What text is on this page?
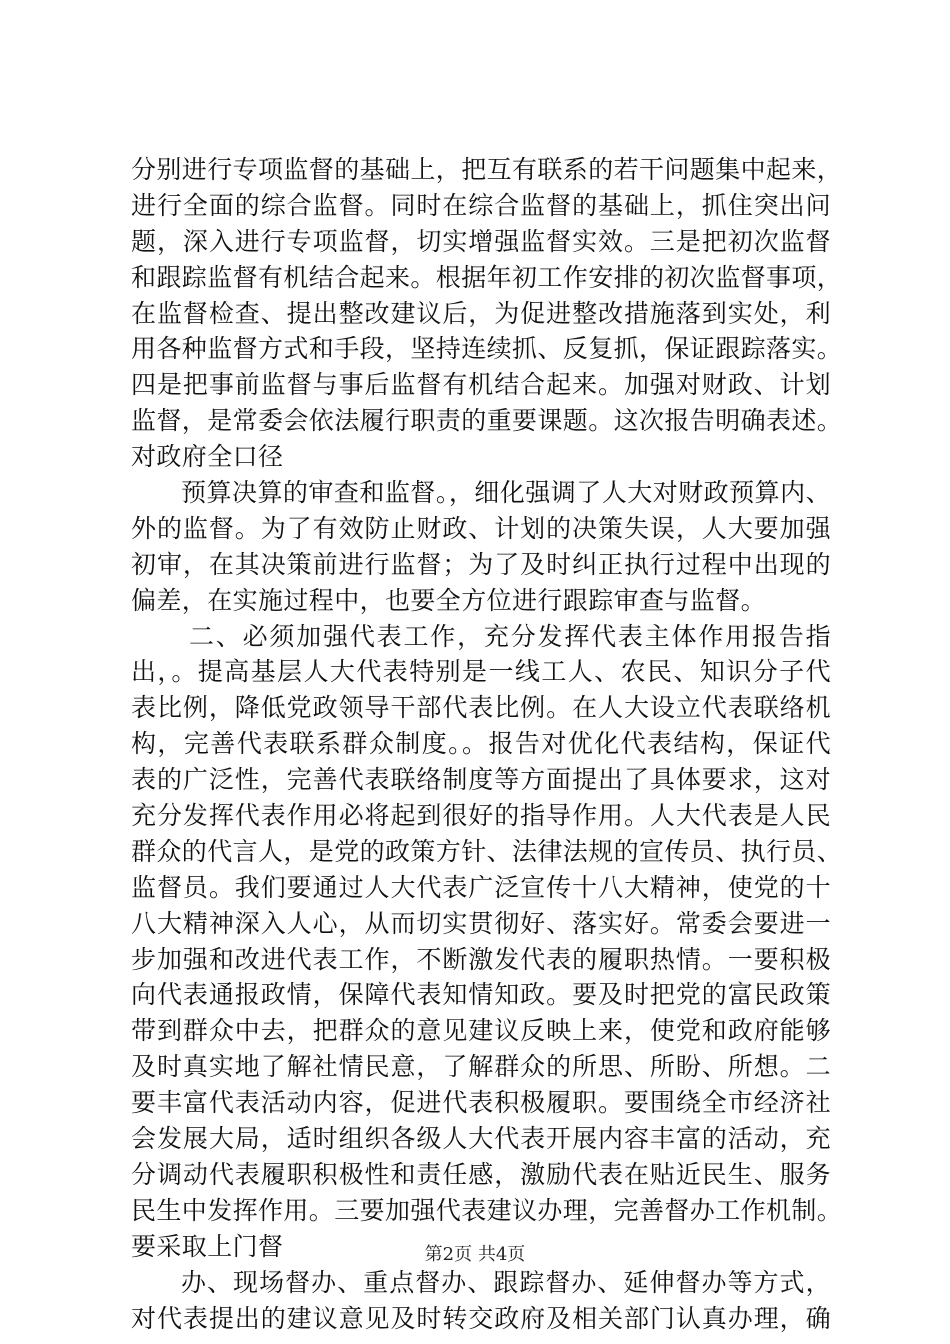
分别进行专项监督的基础上，把互有联系的若干问题集中起来，
进行全面的综合监督。同时在综合监督的基础上，抓住突出问
题，深入进行专项监督，切实增强监督实效。三是把初次监督
和跟踪监督有机结合起来。根据年初工作安排的初次监督事项，
在监督检查、提出整改建议后，为促进整改措施落到实处，利
用各种监督方式和手段，坚持连续抓、反复抓，保证跟踪落实。
四是把事前监督与事后监督有机结合起来。加强对财政、计划
监督，是常委会依法履行职责的重要课题。这次报告明确表述。
对政府全口径
预算决算的审查和监督。，细化强调了人大对财政预算内、
外的监督。为了有效防止财政、计划的决策失误，人大要加强
初审，在其决策前进行监督；为了及时纠正执行过程中出现的
偏差，在实施过程中，也要全方位进行跟踪审查与监督。
二、必须加强代表工作，充分发挥代表主体作用报告指
出，。提高基层人大代表特别是一线工人、农民、知识分子代
表比例，降低党政领导干部代表比例。在人大设立代表联络机
构，完善代表联系群众制度。。报告对优化代表结构，保证代
表的广泛性，完善代表联络制度等方面提出了具体要求，这对
充分发挥代表作用必将起到很好的指导作用。人大代表是人民
群众的代言人，是党的政策方针、法律法规的宣传员、执行员、
监督员。我们要通过人大代表广泛宣传十八大精神，使党的十
八大精神深入人心，从而切实贯彻好、落实好。常委会要进一
步加强和改进代表工作，不断激发代表的履职热情。一要积极
向代表通报政情，保障代表知情知政。要及时把党的富民政策
带到群众中去，把群众的意见建议反映上来，使党和政府能够
及时真实地了解社情民意，了解群众的所思、所盼、所想。二
要丰富代表活动内容，促进代表积极履职。要围绕全市经济社
会发展大局，适时组织各级人大代表开展内容丰富的活动，充
分调动代表履职积极性和责任感，激励代表在贴近民生、服务
民生中发挥作用。三要加强代表建议办理，完善督办工作机制。
要采取上门督
办、现场督办、重点督办、跟踪督办、延伸督办等方式，
对代表提出的建议意见及时转交政府及相关部门认真办理，确
第2页 共4页
